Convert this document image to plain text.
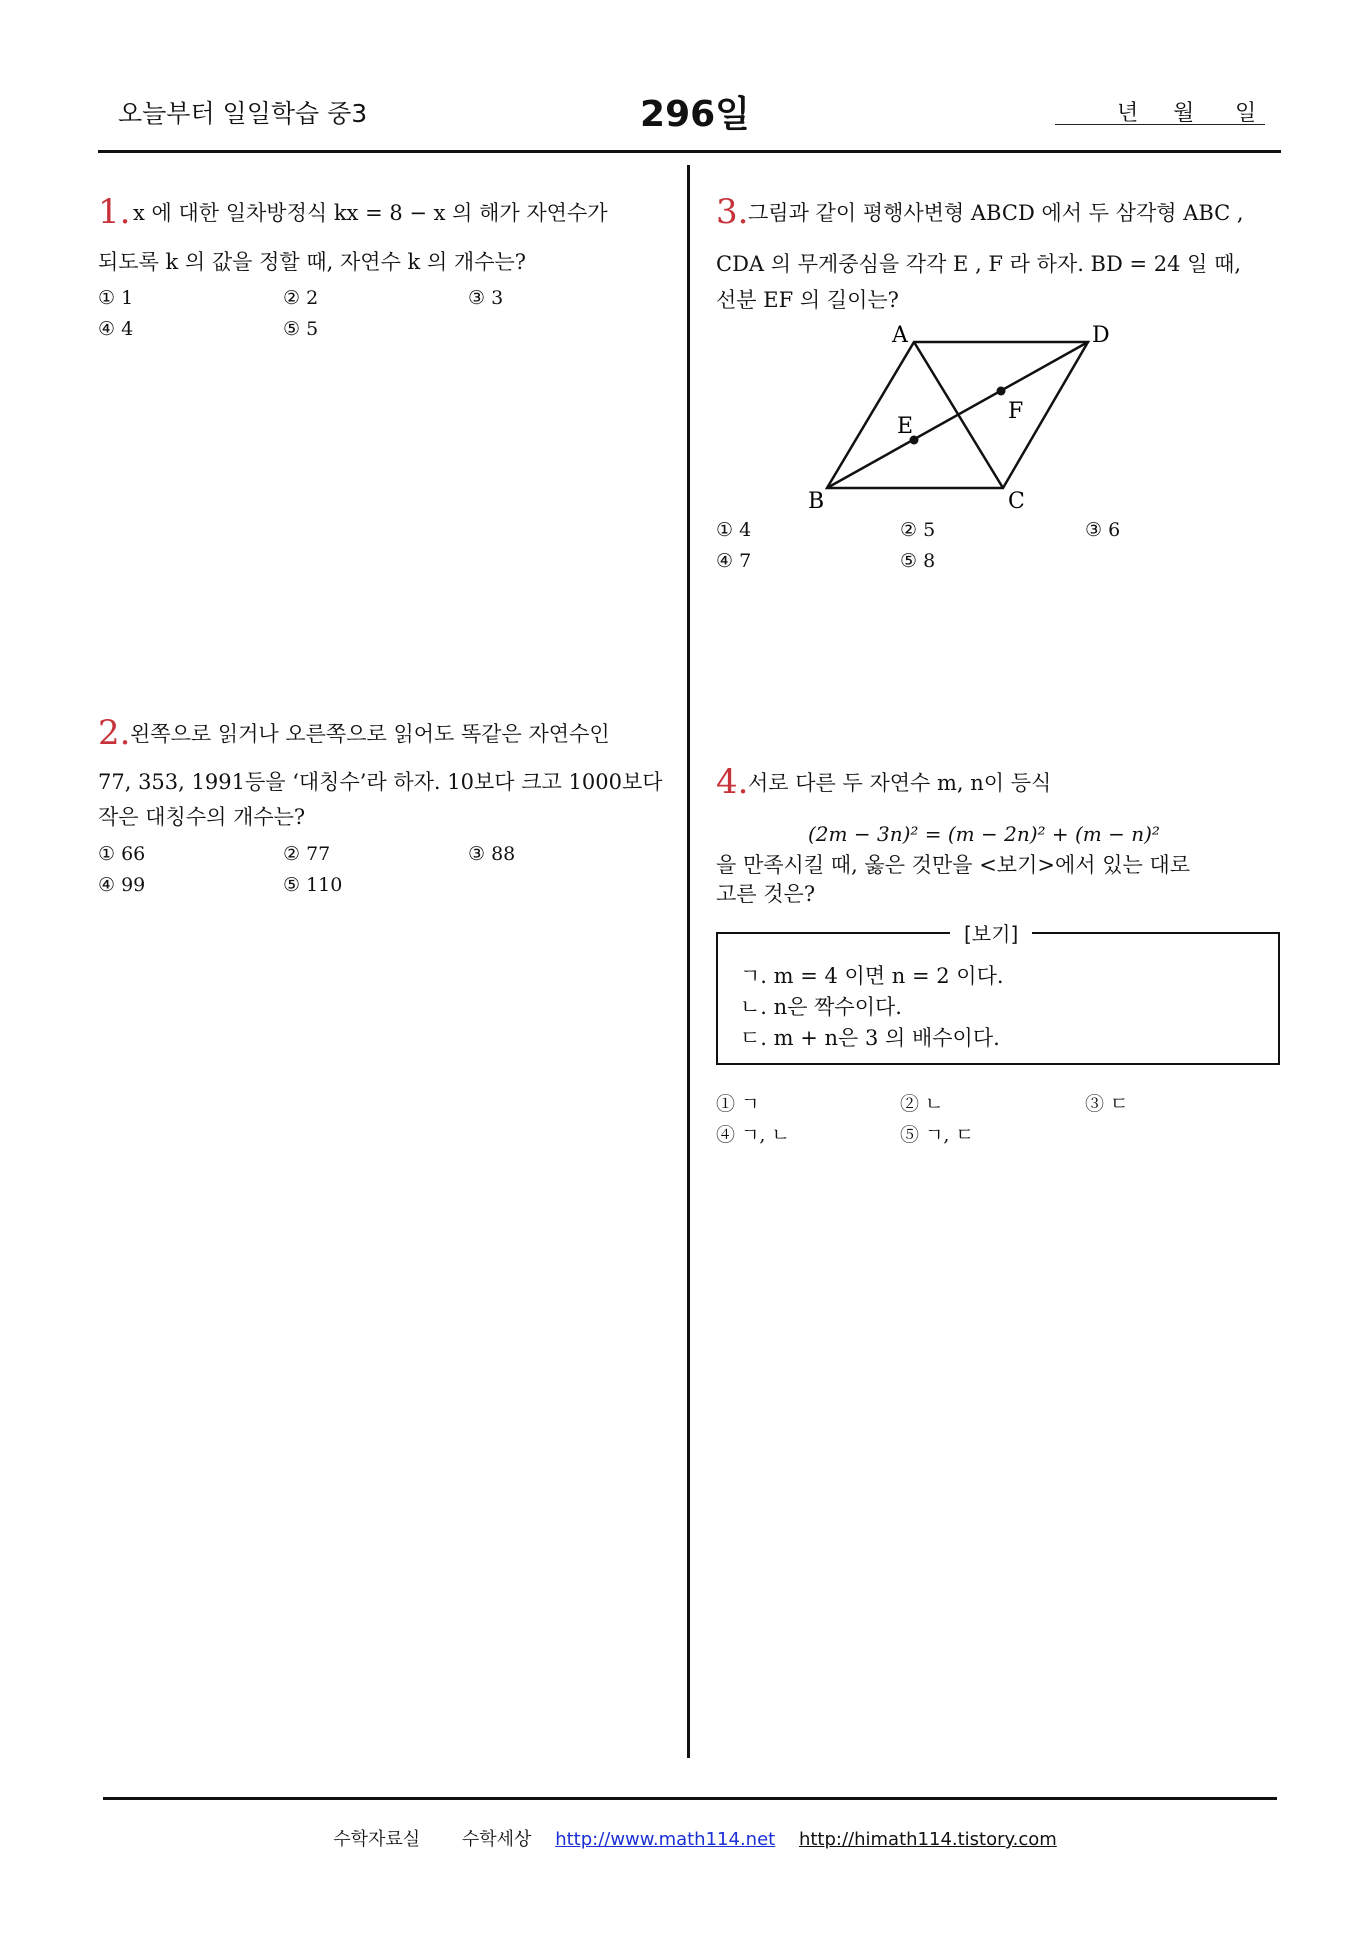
오늘부터 일일학습 중3	296일	년 월 일
1. x 에 대한 일차방정식 kx = 8 − x 의 해가 자연수가
되도록 k 의 값을 정할 때, 자연수 k 의 개수는?
① 1	② 2	③ 3
④ 4	⑤ 5
2. 왼쪽으로 읽거나 오른쪽으로 읽어도 똑같은 자연수인
77, 353, 1991등을 ‘대칭수’라 하자. 10보다 크고 1000보다
작은 대칭수의 개수는?
① 66	② 77	③ 88
④ 99	⑤ 110
3. 그림과 같이 평행사변형 ABCD 에서 두 삼각형 ABC ,
CDA 의 무게중심을 각각 E , F 라 하자. BD = 24 일 때,
선분 EF 의 길이는?
A	D
B	C
E
F
① 4	② 5	③ 6
④ 7	⑤ 8
4. 서로 다른 두 자연수 m, n이 등식
(2m − 3n)² = (m − 2n)² + (m − n)²
을 만족시킬 때, 옳은 것만을 <보기>에서 있는 대로
고른 것은?
[보기]
ㄱ. m = 4 이면 n = 2 이다.
ㄴ. n은 짝수이다.
ㄷ. m + n은 3 의 배수이다.
① ㄱ	② ㄴ	③ ㄷ
④ ㄱ, ㄴ	⑤ ㄱ, ㄷ
수학자료실 수학세상 http://www.math114.net http://himath114.tistory.com
